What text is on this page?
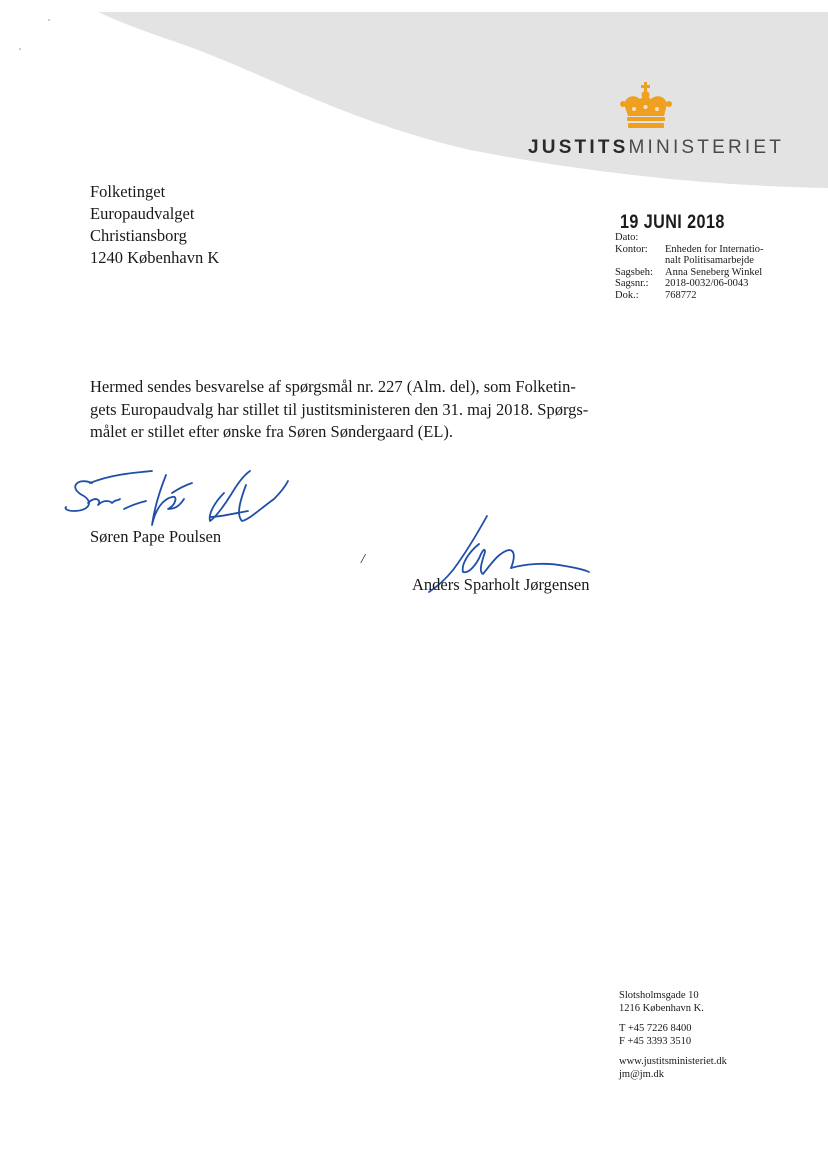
JUSTITSMINISTERIET
Folketinget
Europaudvalget
Christiansborg
1240 København K
19 JUNI 2018
Dato:	
Kontor:	Enheden for Internatio-
	nalt Politisamarbejde
Sagsbeh:	Anna Seneberg Winkel
Sagsnr.:	2018-0032/06-0043
Dok.:	768772
Hermed sendes besvarelse af spørgsmål nr. 227 (Alm. del), som Folketin-
gets Europaudvalg har stillet til justitsministeren den 31. maj 2018. Spørgs-
målet er stillet efter ønske fra Søren Søndergaard (EL).
Søren Pape Poulsen
/
Anders Sparholt Jørgensen
Slotsholmsgade 10
1216 København K.
T +45 7226 8400
F +45 3393 3510
www.justitsministeriet.dk
jm@jm.dk
